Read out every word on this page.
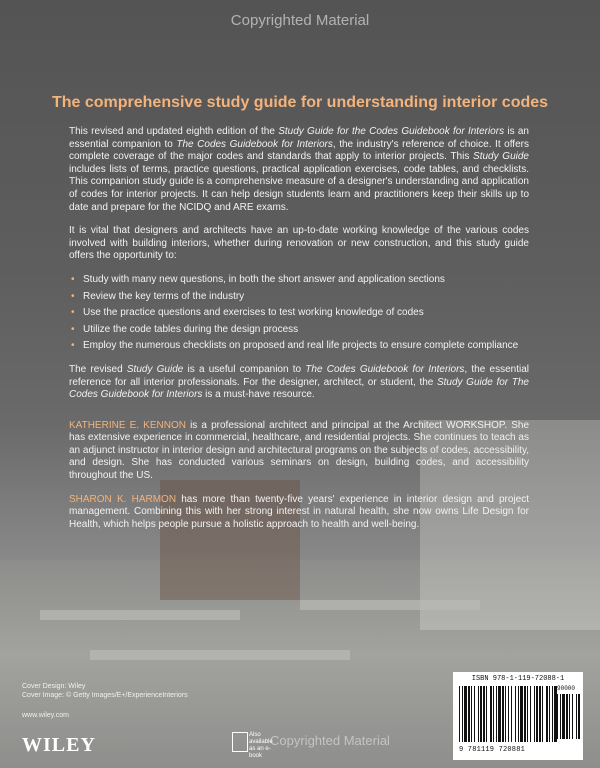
Copyrighted Material
The comprehensive study guide for understanding interior codes

This revised and updated eighth edition of the Study Guide for the Codes Guidebook for Interiors is an essential companion to The Codes Guidebook for Interiors, the industry's reference of choice. It offers complete coverage of the major codes and standards that apply to interior projects. This Study Guide includes lists of terms, practice questions, practical application exercises, code tables, and checklists. This companion study guide is a comprehensive measure of a designer's understanding and application of codes for interior projects. It can help design students learn and practitioners keep their skills up to date and prepare for the NCIDQ and ARE exams.

It is vital that designers and architects have an up-to-date working knowledge of the various codes involved with building interiors, whether during renovation or new construction, and this study guide offers the opportunity to:

• Study with many new questions, in both the short answer and application sections
• Review the key terms of the industry
• Use the practice questions and exercises to test working knowledge of codes
• Utilize the code tables during the design process
• Employ the numerous checklists on proposed and real life projects to ensure complete compliance

The revised Study Guide is a useful companion to The Codes Guidebook for Interiors, the essential reference for all interior professionals. For the designer, architect, or student, the Study Guide for The Codes Guidebook for Interiors is a must-have resource.

KATHERINE E. KENNON is a professional architect and principal at the Architect WORKSHOP. She has extensive experience in commercial, healthcare, and residential projects. She continues to teach as an adjunct instructor in interior design and architectural programs on the subjects of codes, accessibility, and design. She has conducted various seminars on design, building codes, and accessibility throughout the US.

SHARON K. HARMON has more than twenty-five years' experience in interior design and project management. Combining this with her strong interest in natural health, she now owns Life Design for Health, which helps people pursue a holistic approach to health and well-being.

Cover Design: Wiley
Cover Image: © Getty Images/E+/ExperienceInteriors
www.wiley.com
WILEY	Also available
as an e-book
Copyrighted Material
ISBN 978-1-119-72088-1
90000
9 781119 720881
